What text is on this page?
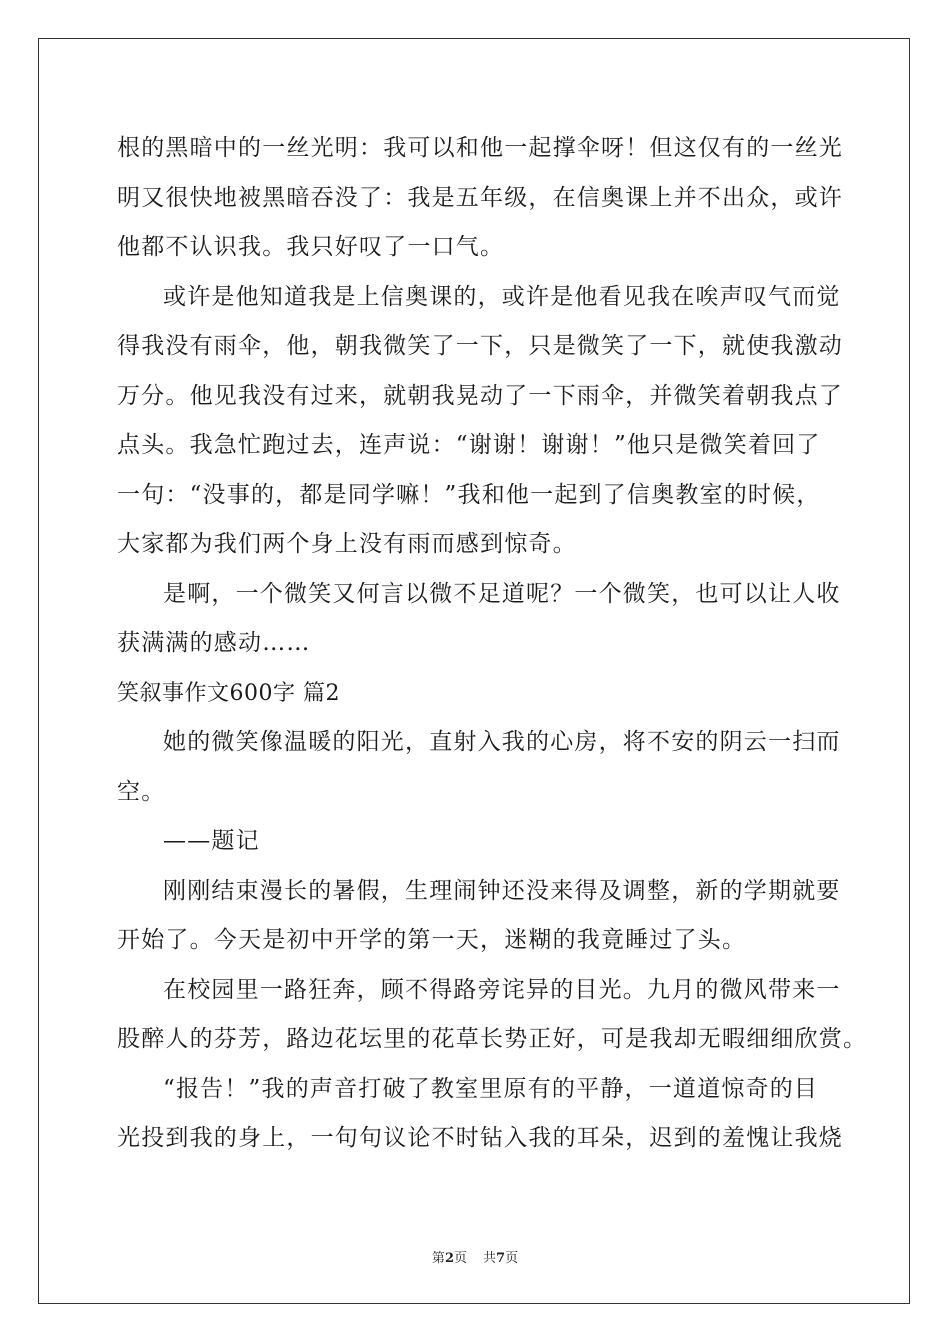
根的黑暗中的一丝光明：我可以和他一起撑伞呀！但这仅有的一丝光
明又很快地被黑暗吞没了：我是五年级，在信奥课上并不出众，或许
他都不认识我。我只好叹了一口气。
或许是他知道我是上信奥课的，或许是他看见我在唉声叹气而觉
得我没有雨伞，他，朝我微笑了一下，只是微笑了一下，就使我激动
万分。他见我没有过来，就朝我晃动了一下雨伞，并微笑着朝我点了
点头。我急忙跑过去，连声说：“谢谢！谢谢！”他只是微笑着回了
一句：“没事的，都是同学嘛！”我和他一起到了信奥教室的时候，
大家都为我们两个身上没有雨而感到惊奇。
是啊，一个微笑又何言以微不足道呢？一个微笑，也可以让人收
获满满的感动……
笑叙事作文600字 篇2
她的微笑像温暖的阳光，直射入我的心房，将不安的阴云一扫而
空。
——题记
刚刚结束漫长的暑假，生理闹钟还没来得及调整，新的学期就要
开始了。今天是初中开学的第一天，迷糊的我竟睡过了头。
在校园里一路狂奔，顾不得路旁诧异的目光。九月的微风带来一
股醉人的芬芳，路边花坛里的花草长势正好，可是我却无暇细细欣赏。
“报告！”我的声音打破了教室里原有的平静，一道道惊奇的目
光投到我的身上，一句句议论不时钻入我的耳朵，迟到的羞愧让我烧
第2页 共7页
